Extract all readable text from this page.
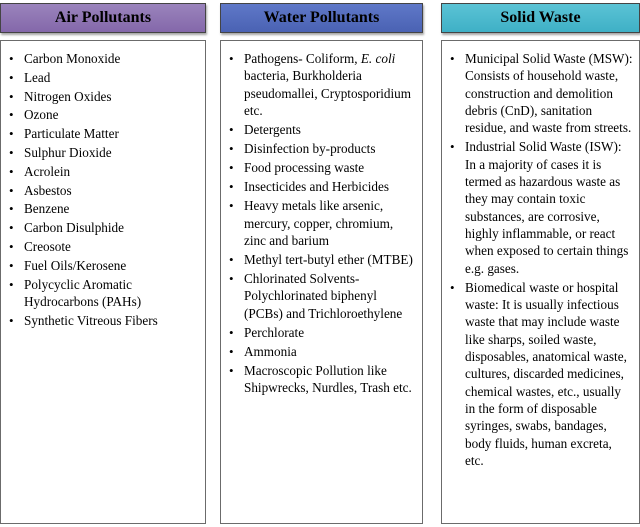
Air Pollutants
• Carbon Monoxide
• Lead
• Nitrogen Oxides
• Ozone
• Particulate Matter
• Sulphur Dioxide
• Acrolein
• Asbestos
• Benzene
• Carbon Disulphide
• Creosote
• Fuel Oils/Kerosene
• Polycyclic Aromatic Hydrocarbons (PAHs)
• Synthetic Vitreous Fibers
Water Pollutants
• Pathogens- Coliform, E. coli bacteria, Burkholderia pseudomallei, Cryptosporidium etc.
• Detergents
• Disinfection by-products
• Food processing waste
• Insecticides and Herbicides
• Heavy metals like arsenic, mercury, copper, chromium, zinc and barium
• Methyl tert-butyl ether (MTBE)
• Chlorinated Solvents- Polychlorinated biphenyl (PCBs) and Trichloroethylene
• Perchlorate
• Ammonia
• Macroscopic Pollution like Shipwrecks, Nurdles, Trash etc.
Solid Waste
• Municipal Solid Waste (MSW): Consists of household waste, construction and demolition debris (CnD), sanitation residue, and waste from streets.
• Industrial Solid Waste (ISW): In a majority of cases it is termed as hazardous waste as they may contain toxic substances, are corrosive, highly inflammable, or react when exposed to certain things e.g. gases.
• Biomedical waste or hospital waste: It is usually infectious waste that may include waste like sharps, soiled waste, disposables, anatomical waste, cultures, discarded medicines, chemical wastes, etc., usually in the form of disposable syringes, swabs, bandages, body fluids, human excreta, etc.
